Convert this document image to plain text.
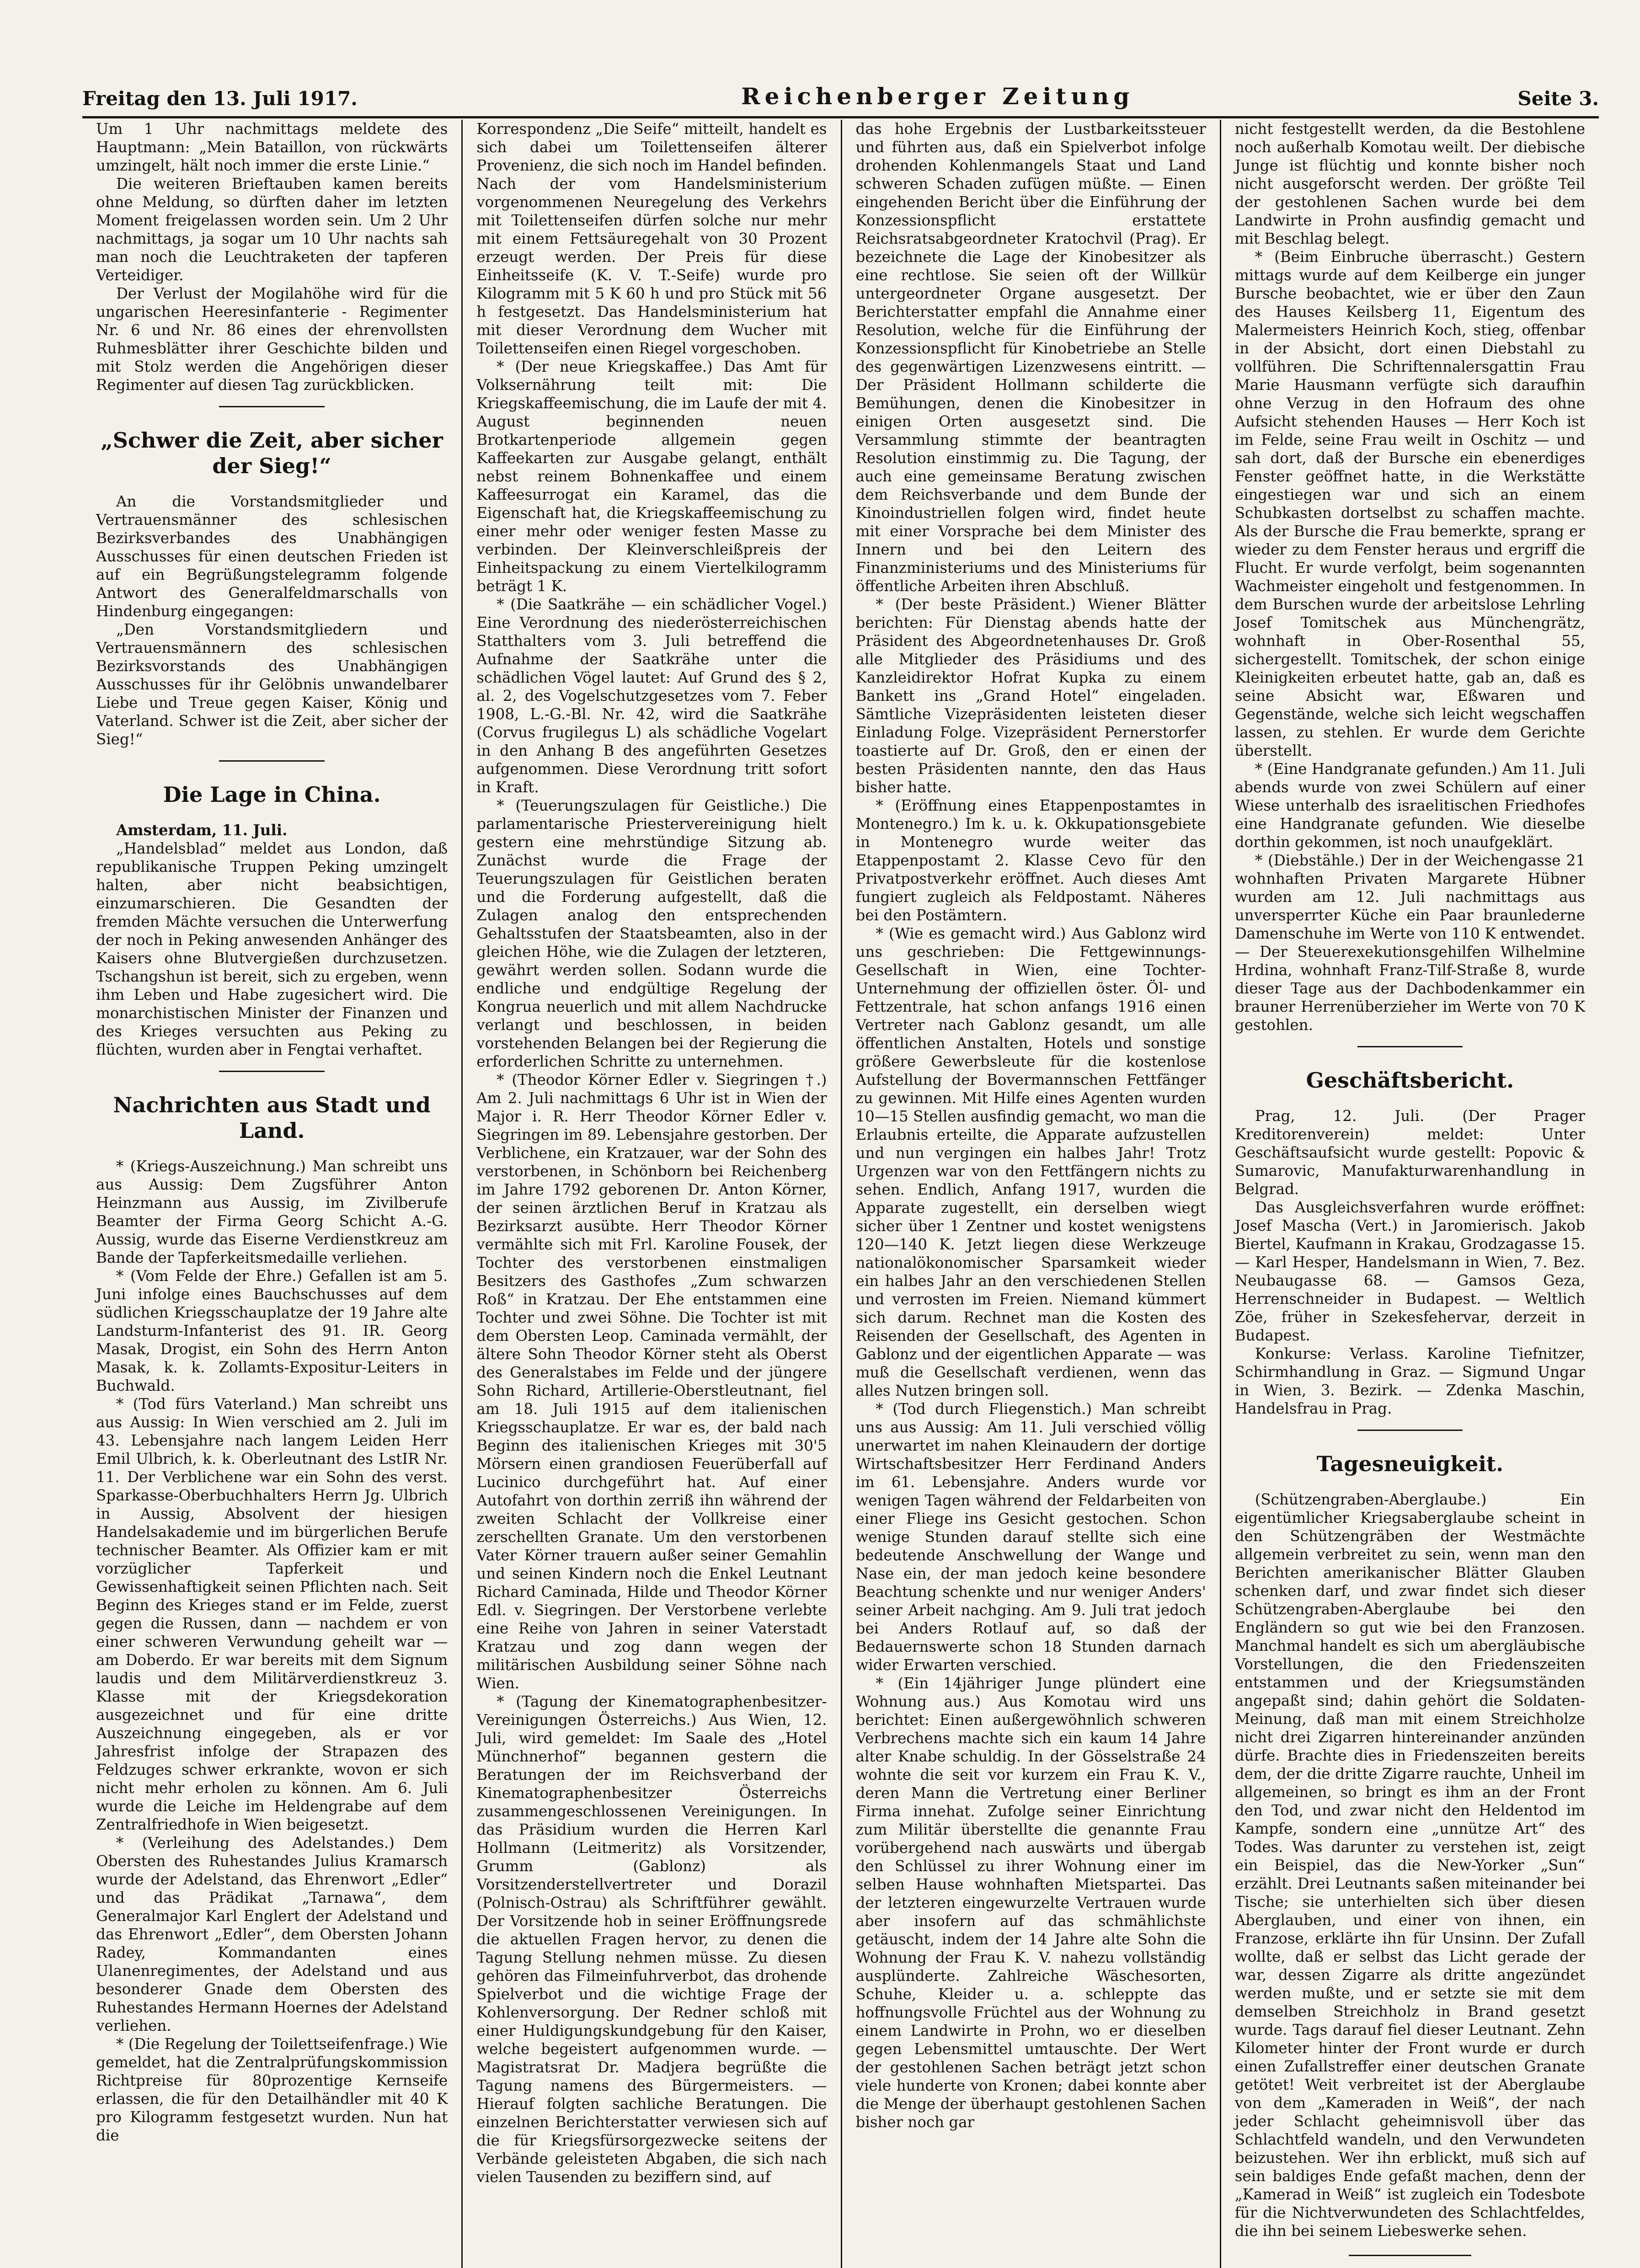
Freitag den 13. Juli 1917.	Reichenberger Zeitung	Seite 3.

Um 1 Uhr nachmittags meldete des Hauptmann: „Mein Bataillon, von rückwärts umzingelt, hält noch immer die erste Linie.“

Die weiteren Brieftauben kamen bereits ohne Meldung, so dürften daher im letzten Moment freigelassen worden sein. Um 2 Uhr nachmittags, ja sogar um 10 Uhr nachts sah man noch die Leuchtraketen der tapferen Verteidiger.

Der Verlust der Mogilahöhe wird für die ungarischen Heeresinfanterie - Regimenter Nr. 6 und Nr. 86 eines der ehrenvollsten Ruhmesblätter ihrer Geschichte bilden und mit Stolz werden die Angehörigen dieser Regimenter auf diesen Tag zurückblicken.

„Schwer die Zeit, aber sicher der Sieg!“

An die Vorstandsmitglieder und Vertrauensmänner des schlesischen Bezirksverbandes des Unabhängigen Ausschusses für einen deutschen Frieden ist auf ein Begrüßungstelegramm folgende Antwort des Generalfeldmarschalls von Hindenburg eingegangen:

„Den Vorstandsmitgliedern und Vertrauensmännern des schlesischen Bezirksvorstands des Unabhängigen Ausschusses für ihr Gelöbnis unwandelbarer Liebe und Treue gegen Kaiser, König und Vaterland. Schwer ist die Zeit, aber sicher der Sieg!“

Die Lage in China.

Amsterdam, 11. Juli.

„Handelsblad“ meldet aus London, daß republikanische Truppen Peking umzingelt halten, aber nicht beabsichtigen, einzumarschieren. Die Gesandten der fremden Mächte versuchen die Unterwerfung der noch in Peking anwesenden Anhänger des Kaisers ohne Blutvergießen durchzusetzen. Tschangshun ist bereit, sich zu ergeben, wenn ihm Leben und Habe zugesichert wird. Die monarchistischen Minister der Finanzen und des Krieges versuchten aus Peking zu flüchten, wurden aber in Fengtai verhaftet.

Nachrichten aus Stadt und Land.

* (Kriegs-Auszeichnung.) Man schreibt uns aus Aussig: Dem Zugsführer Anton Heinzmann aus Aussig, im Zivilberufe Beamter der Firma Georg Schicht A.-G. Aussig, wurde das Eiserne Verdienstkreuz am Bande der Tapferkeitsmedaille verliehen.

* (Vom Felde der Ehre.) Gefallen ist am 5. Juni infolge eines Bauchschusses auf dem südlichen Kriegsschauplatze der 19 Jahre alte Landsturm-Infanterist des 91. IR. Georg Masak, Drogist, ein Sohn des Herrn Anton Masak, k. k. Zollamts-Expositur-Leiters in Buchwald.

* (Tod fürs Vaterland.) Man schreibt uns aus Aussig: In Wien verschied am 2. Juli im 43. Lebensjahre nach langem Leiden Herr Emil Ulbrich, k. k. Oberleutnant des LstIR Nr. 11. Der Verblichene war ein Sohn des verst. Sparkasse-Oberbuchhalters Herrn Jg. Ulbrich in Aussig, Absolvent der hiesigen Handelsakademie und im bürgerlichen Berufe technischer Beamter. Als Offizier kam er mit vorzüglicher Tapferkeit und Gewissenhaftigkeit seinen Pflichten nach. Seit Beginn des Krieges stand er im Felde, zuerst gegen die Russen, dann — nachdem er von einer schweren Verwundung geheilt war — am Doberdo. Er war bereits mit dem Signum laudis und dem Militärverdienstkreuz 3. Klasse mit der Kriegsdekoration ausgezeichnet und für eine dritte Auszeichnung eingegeben, als er vor Jahresfrist infolge der Strapazen des Feldzuges schwer erkrankte, wovon er sich nicht mehr erholen zu können. Am 6. Juli wurde die Leiche im Heldengrabe auf dem Zentralfriedhofe in Wien beigesetzt.

* (Verleihung des Adelstandes.) Dem Obersten des Ruhestandes Julius Kramarsch wurde der Adelstand, das Ehrenwort „Edler“ und das Prädikat „Tarnawa“, dem Generalmajor Karl Englert der Adelstand und das Ehrenwort „Edler“, dem Obersten Johann Radey, Kommandanten eines Ulanenregimentes, der Adelstand und aus besonderer Gnade dem Obersten des Ruhestandes Hermann Hoernes der Adelstand verliehen.

* (Die Regelung der Toilettseifenfrage.) Wie gemeldet, hat die Zentralprüfungskommission Richtpreise für 80prozentige Kernseife erlassen, die für den Detailhändler mit 40 K pro Kilogramm festgesetzt wurden. Nun hat die

Korrespondenz „Die Seife“ mitteilt, handelt es sich dabei um Toilettenseifen älterer Provenienz, die sich noch im Handel befinden. Nach der vom Handelsministerium vorgenommenen Neuregelung des Verkehrs mit Toilettenseifen dürfen solche nur mehr mit einem Fettsäuregehalt von 30 Prozent erzeugt werden. Der Preis für diese Einheitsseife (K. V. T.-Seife) wurde pro Kilogramm mit 5 K 60 h und pro Stück mit 56 h festgesetzt. Das Handelsministerium hat mit dieser Verordnung dem Wucher mit Toilettenseifen einen Riegel vorgeschoben.

* (Der neue Kriegskaffee.) Das Amt für Volksernährung teilt mit: Die Kriegskaffeemischung, die im Laufe der mit 4. August beginnenden neuen Brotkartenperiode allgemein gegen Kaffeekarten zur Ausgabe gelangt, enthält nebst reinem Bohnenkaffee und einem Kaffeesurrogat ein Karamel, das die Eigenschaft hat, die Kriegskaffeemischung zu einer mehr oder weniger festen Masse zu verbinden. Der Kleinverschleißpreis der Einheitspackung zu einem Viertelkilogramm beträgt 1 K.

* (Die Saatkrähe — ein schädlicher Vogel.) Eine Verordnung des niederösterreichischen Statthalters vom 3. Juli betreffend die Aufnahme der Saatkrähe unter die schädlichen Vögel lautet: Auf Grund des § 2, al. 2, des Vogelschutzgesetzes vom 7. Feber 1908, L.-G.-Bl. Nr. 42, wird die Saatkrähe (Corvus frugilegus L) als schädliche Vogelart in den Anhang B des angeführten Gesetzes aufgenommen. Diese Verordnung tritt sofort in Kraft.

* (Teuerungszulagen für Geistliche.) Die parlamentarische Priestervereinigung hielt gestern eine mehrstündige Sitzung ab. Zunächst wurde die Frage der Teuerungszulagen für Geistlichen beraten und die Forderung aufgestellt, daß die Zulagen analog den entsprechenden Gehaltsstufen der Staatsbeamten, also in der gleichen Höhe, wie die Zulagen der letzteren, gewährt werden sollen. Sodann wurde die endliche und endgültige Regelung der Kongrua neuerlich und mit allem Nachdrucke verlangt und beschlossen, in beiden vorstehenden Belangen bei der Regierung die erforderlichen Schritte zu unternehmen.

* (Theodor Körner Edler v. Siegringen †.) Am 2. Juli nachmittags 6 Uhr ist in Wien der Major i. R. Herr Theodor Körner Edler v. Siegringen im 89. Lebensjahre gestorben. Der Verblichene, ein Kratzauer, war der Sohn des verstorbenen, in Schönborn bei Reichenberg im Jahre 1792 geborenen Dr. Anton Körner, der seinen ärztlichen Beruf in Kratzau als Bezirksarzt ausübte. Herr Theodor Körner vermählte sich mit Frl. Karoline Fousek, der Tochter des verstorbenen einstmaligen Besitzers des Gasthofes „Zum schwarzen Roß“ in Kratzau. Der Ehe entstammen eine Tochter und zwei Söhne. Die Tochter ist mit dem Obersten Leop. Caminada vermählt, der ältere Sohn Theodor Körner steht als Oberst des Generalstabes im Felde und der jüngere Sohn Richard, Artillerie-Oberstleutnant, fiel am 18. Juli 1915 auf dem italienischen Kriegsschauplatze. Er war es, der bald nach Beginn des italienischen Krieges mit 30'5 Mörsern einen grandiosen Feuerüberfall auf Lucinico durchgeführt hat. Auf einer Autofahrt von dorthin zerriß ihn während der zweiten Schlacht der Vollkreise einer zerschellten Granate. Um den verstorbenen Vater Körner trauern außer seiner Gemahlin und seinen Kindern noch die Enkel Leutnant Richard Caminada, Hilde und Theodor Körner Edl. v. Siegringen. Der Verstorbene verlebte eine Reihe von Jahren in seiner Vaterstadt Kratzau und zog dann wegen der militärischen Ausbildung seiner Söhne nach Wien.

* (Tagung der Kinematographenbesitzer-Vereinigungen Österreichs.) Aus Wien, 12. Juli, wird gemeldet: Im Saale des „Hotel Münchnerhof“ begannen gestern die Beratungen der im Reichsverband der Kinematographenbesitzer Österreichs zusammengeschlossenen Vereinigungen. In das Präsidium wurden die Herren Karl Hollmann (Leitmeritz) als Vorsitzender, Grumm (Gablonz) als Vorsitzenderstellvertreter und Dorazil (Polnisch-Ostrau) als Schriftführer gewählt. Der Vorsitzende hob in seiner Eröffnungsrede die aktuellen Fragen hervor, zu denen die Tagung Stellung nehmen müsse. Zu diesen gehören das Filmeinfuhrverbot, das drohende Spielverbot und die wichtige Frage der Kohlenversorgung. Der Redner schloß mit einer Huldigungskundgebung für den Kaiser, welche begeistert aufgenommen wurde. — Magistratsrat Dr. Madjera begrüßte die Tagung namens des Bürgermeisters. — Hierauf folgten sachliche Beratungen. Die einzelnen Berichterstatter verwiesen sich auf die für Kriegsfürsorgezwecke seitens der Verbände geleisteten Abgaben, die sich nach vielen Tausenden zu beziffern sind, auf

das hohe Ergebnis der Lustbarkeitssteuer und führten aus, daß ein Spielverbot infolge drohenden Kohlenmangels Staat und Land schweren Schaden zufügen müßte. — Einen eingehenden Bericht über die Einführung der Konzessionspflicht erstattete Reichsratsabgeordneter Kratochvil (Prag). Er bezeichnete die Lage der Kinobesitzer als eine rechtlose. Sie seien oft der Willkür untergeordneter Organe ausgesetzt. Der Berichterstatter empfahl die Annahme einer Resolution, welche für die Einführung der Konzessionspflicht für Kinobetriebe an Stelle des gegenwärtigen Lizenzwesens eintritt. — Der Präsident Hollmann schilderte die Bemühungen, denen die Kinobesitzer in einigen Orten ausgesetzt sind. Die Versammlung stimmte der beantragten Resolution einstimmig zu. Die Tagung, der auch eine gemeinsame Beratung zwischen dem Reichsverbande und dem Bunde der Kinoindustriellen folgen wird, findet heute mit einer Vorsprache bei dem Minister des Innern und bei den Leitern des Finanzministeriums und des Ministeriums für öffentliche Arbeiten ihren Abschluß.

* (Der beste Präsident.) Wiener Blätter berichten: Für Dienstag abends hatte der Präsident des Abgeordnetenhauses Dr. Groß alle Mitglieder des Präsidiums und des Kanzleidirektor Hofrat Kupka zu einem Bankett ins „Grand Hotel“ eingeladen. Sämtliche Vizepräsidenten leisteten dieser Einladung Folge. Vizepräsident Pernerstorfer toastierte auf Dr. Groß, den er einen der besten Präsidenten nannte, den das Haus bisher hatte.

* (Eröffnung eines Etappenpostamtes in Montenegro.) Im k. u. k. Okkupationsgebiete in Montenegro wurde weiter das Etappenpostamt 2. Klasse Cevo für den Privatpostverkehr eröffnet. Auch dieses Amt fungiert zugleich als Feldpostamt. Näheres bei den Postämtern.

* (Wie es gemacht wird.) Aus Gablonz wird uns geschrieben: Die Fettgewinnungs-Gesellschaft in Wien, eine Tochter-Unternehmung der offiziellen öster. Öl- und Fettzentrale, hat schon anfangs 1916 einen Vertreter nach Gablonz gesandt, um alle öffentlichen Anstalten, Hotels und sonstige größere Gewerbsleute für die kostenlose Aufstellung der Bovermannschen Fettfänger zu gewinnen. Mit Hilfe eines Agenten wurden 10—15 Stellen ausfindig gemacht, wo man die Erlaubnis erteilte, die Apparate aufzustellen und nun vergingen ein halbes Jahr! Trotz Urgenzen war von den Fettfängern nichts zu sehen. Endlich, Anfang 1917, wurden die Apparate zugestellt, ein derselben wiegt sicher über 1 Zentner und kostet wenigstens 120—140 K. Jetzt liegen diese Werkzeuge nationalökonomischer Sparsamkeit wieder ein halbes Jahr an den verschiedenen Stellen und verrosten im Freien. Niemand kümmert sich darum. Rechnet man die Kosten des Reisenden der Gesellschaft, des Agenten in Gablonz und der eigentlichen Apparate — was muß die Gesellschaft verdienen, wenn das alles Nutzen bringen soll.

* (Tod durch Fliegenstich.) Man schreibt uns aus Aussig: Am 11. Juli verschied völlig unerwartet im nahen Kleinaudern der dortige Wirtschaftsbesitzer Herr Ferdinand Anders im 61. Lebensjahre. Anders wurde vor wenigen Tagen während der Feldarbeiten von einer Fliege ins Gesicht gestochen. Schon wenige Stunden darauf stellte sich eine bedeutende Anschwellung der Wange und Nase ein, der man jedoch keine besondere Beachtung schenkte und nur weniger Anders' seiner Arbeit nachging. Am 9. Juli trat jedoch bei Anders Rotlauf auf, so daß der Bedauernswerte schon 18 Stunden darnach wider Erwarten verschied.

* (Ein 14jähriger Junge plündert eine Wohnung aus.) Aus Komotau wird uns berichtet: Einen außergewöhnlich schweren Verbrechens machte sich ein kaum 14 Jahre alter Knabe schuldig. In der Gösselstraße 24 wohnte die seit vor kurzem ein Frau K. V., deren Mann die Vertretung einer Berliner Firma innehat. Zufolge seiner Einrichtung zum Militär überstellte die genannte Frau vorübergehend nach auswärts und übergab den Schlüssel zu ihrer Wohnung einer im selben Hause wohnhaften Mietspartei. Das der letzteren eingewurzelte Vertrauen wurde aber insofern auf das schmählichste getäuscht, indem der 14 Jahre alte Sohn die Wohnung der Frau K. V. nahezu vollständig ausplünderte. Zahlreiche Wäschesorten, Schuhe, Kleider u. a. schleppte das hoffnungsvolle Früchtel aus der Wohnung zu einem Landwirte in Prohn, wo er dieselben gegen Lebensmittel umtauschte. Der Wert der gestohlenen Sachen beträgt jetzt schon viele hunderte von Kronen; dabei konnte aber die Menge der überhaupt gestohlenen Sachen bisher noch gar

nicht festgestellt werden, da die Bestohlene noch außerhalb Komotau weilt. Der diebische Junge ist flüchtig und konnte bisher noch nicht ausgeforscht werden. Der größte Teil der gestohlenen Sachen wurde bei dem Landwirte in Prohn ausfindig gemacht und mit Beschlag belegt.

* (Beim Einbruche überrascht.) Gestern mittags wurde auf dem Keilberge ein junger Bursche beobachtet, wie er über den Zaun des Hauses Keilsberg 11, Eigentum des Malermeisters Heinrich Koch, stieg, offenbar in der Absicht, dort einen Diebstahl zu vollführen. Die Schriftennalersgattin Frau Marie Hausmann verfügte sich daraufhin ohne Verzug in den Hofraum des ohne Aufsicht stehenden Hauses — Herr Koch ist im Felde, seine Frau weilt in Oschitz — und sah dort, daß der Bursche ein ebenerdiges Fenster geöffnet hatte, in die Werkstätte eingestiegen war und sich an einem Schubkasten dortselbst zu schaffen machte. Als der Bursche die Frau bemerkte, sprang er wieder zu dem Fenster heraus und ergriff die Flucht. Er wurde verfolgt, beim sogenannten Wachmeister eingeholt und festgenommen. In dem Burschen wurde der arbeitslose Lehrling Josef Tomitschek aus Münchengrätz, wohnhaft in Ober-Rosenthal 55, sichergestellt. Tomitschek, der schon einige Kleinigkeiten erbeutet hatte, gab an, daß es seine Absicht war, Eßwaren und Gegenstände, welche sich leicht wegschaffen lassen, zu stehlen. Er wurde dem Gerichte überstellt.

* (Eine Handgranate gefunden.) Am 11. Juli abends wurde von zwei Schülern auf einer Wiese unterhalb des israelitischen Friedhofes eine Handgranate gefunden. Wie dieselbe dorthin gekommen, ist noch unaufgeklärt.

* (Diebstähle.) Der in der Weichengasse 21 wohnhaften Privaten Margarete Hübner wurden am 12. Juli nachmittags aus unversperrter Küche ein Paar braunlederne Damenschuhe im Werte von 110 K entwendet. — Der Steuerexekutionsgehilfen Wilhelmine Hrdina, wohnhaft Franz-Tilf-Straße 8, wurde dieser Tage aus der Dachbodenkammer ein brauner Herrenüberzieher im Werte von 70 K gestohlen.

Geschäftsbericht.

Prag, 12. Juli. (Der Prager Kreditorenverein) meldet: Unter Geschäftsaufsicht wurde gestellt: Popovic & Sumarovic, Manufakturwarenhandlung in Belgrad.

Das Ausgleichsverfahren wurde eröffnet: Josef Mascha (Vert.) in Jaromierisch. Jakob Biertel, Kaufmann in Krakau, Grodzagasse 15. — Karl Hesper, Handelsmann in Wien, 7. Bez. Neubaugasse 68. — Gamsos Geza, Herrenschneider in Budapest. — Weltlich Zöe, früher in Szekesfehervar, derzeit in Budapest.

Konkurse: Verlass. Karoline Tiefnitzer, Schirmhandlung in Graz. — Sigmund Ungar in Wien, 3. Bezirk. — Zdenka Maschin, Handelsfrau in Prag.

Tagesneuigkeit.

(Schützengraben-Aberglaube.) Ein eigentümlicher Kriegsaberglaube scheint in den Schützengräben der Westmächte allgemein verbreitet zu sein, wenn man den Berichten amerikanischer Blätter Glauben schenken darf, und zwar findet sich dieser Schützengraben-Aberglaube bei den Engländern so gut wie bei den Franzosen. Manchmal handelt es sich um abergläubische Vorstellungen, die den Friedenszeiten entstammen und der Kriegsumständen angepaßt sind; dahin gehört die Soldaten-Meinung, daß man mit einem Streichholze nicht drei Zigarren hintereinander anzünden dürfe. Brachte dies in Friedenszeiten bereits dem, der die dritte Zigarre rauchte, Unheil im allgemeinen, so bringt es ihm an der Front den Tod, und zwar nicht den Heldentod im Kampfe, sondern eine „unnütze Art“ des Todes. Was darunter zu verstehen ist, zeigt ein Beispiel, das die New-Yorker „Sun“ erzählt. Drei Leutnants saßen miteinander bei Tische; sie unterhielten sich über diesen Aberglauben, und einer von ihnen, ein Franzose, erklärte ihn für Unsinn. Der Zufall wollte, daß er selbst das Licht gerade der war, dessen Zigarre als dritte angezündet werden mußte, und er setzte sie mit dem demselben Streichholz in Brand gesetzt wurde. Tags darauf fiel dieser Leutnant. Zehn Kilometer hinter der Front wurde er durch einen Zufallstreffer einer deutschen Granate getötet! Weit verbreitet ist der Aberglaube von dem „Kameraden in Weiß“, der nach jeder Schlacht geheimnisvoll über das Schlachtfeld wandeln, und den Verwundeten beizustehen. Wer ihn erblickt, muß sich auf sein baldiges Ende gefaßt machen, denn der „Kamerad in Weiß“ ist zugleich ein Todesbote für die Nichtverwundeten des Schlachtfeldes, die ihn bei seinem Liebeswerke sehen.
